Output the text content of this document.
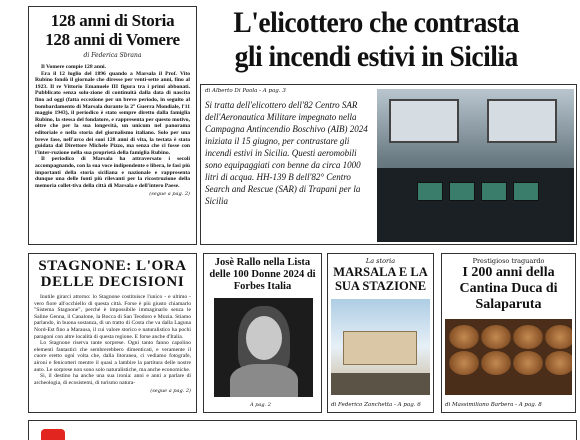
128 anni di Storia
128 anni di Vomere
di Federica Sbrana

Il Vomere compie 128 anni.

Era il 12 luglio del 1896 quando a Marsala il Prof. Vito Rubino fondò il giornale che diresse per venti-sette anni, fino al 1923. Il re Vittorio Emanuele III figura tra i primi abbonati. Pubblicato senza solu-zione di continuità dalla data di nascita fino ad oggi (fatta eccezione per un breve periodo, in seguito al bombardamento di Marsala durante la 2° Guerra Mondiale, l'11 maggio 1943), il periodico è stato sempre diretto dalla famiglia Rubino, la stessa del fondatore, e rappresenta per questo motivo, oltre che per la sua longevità, un unicum nel panorama editoriale e nella storia del giornalismo italiano. Solo per una breve fase, nell'arco dei suoi 128 anni di vita, la testata è stata guidata dal Direttore Michele Pizzo, ma senza che ci fosse con l'inter-ruzione nella sua proprietà della famiglia Rubino.

Il periodico di Marsala ha attraversato i secoli accompagnando, con la sua voce indipendente e libera, le fasi più importanti della storia siciliana e nazionale e rappresenta dunque una delle fonti più rilevanti per la ricostruzione della memoria collet-tiva della città di Marsala e dell'intero Paese.

(segue a pag. 2)
L'elicottero che contrasta
gli incendi estivi in Sicilia
di Alberto Di Paola - A pag. 3
Si tratta dell'elicottero dell'82 Centro SAR dell'Aeronautica Militare impegnato nella Campagna Antincendio Boschivo (AIB) 2024 iniziata il 15 giugno, per contrastare gli incendi estivi in Sicilia. Questi aeromobili sono equipaggiati con benne da circa 1000 litri di acqua. HH-139 B dell'82° Centro Search and Rescue (SAR) di Trapani per la Sicilia
STAGNONE: L'ORA
DELLE DECISIONI

Inutile girarci attorno: lo Stagnone costituisce l'unico - e ultimo - vero fiore all'occhiello di questa città. Forse è più giusto chiamarlo "Sistema Stagnone", perché è impossibile immaginarlo senza le Saline Genna, il Canalone, la Bocca di San Teodoro e Mozia. Stiamo parlando, in buona sostanza, di un tratto di Costa che va dalla Laguna Nord-Est fino a Marausa, il cui valore storico e naturalistico ha pochi paragoni con altre località di questa regione. E forse anche d'Italia.

Lo Stagnone riserva tante sorprese. Ogni tanto fanno capolino elementi fantastici che sembrerebbero dimenticati, e veramente il cuore eretto ogni volta che, dalla litoranea, ci vediamo fotografe, aironi e fenicotteri mentre il quasi a lambire la partitura delle nostre auto. Le sorprese non sono solo naturalistiche, ma anche economiche.

Sì, il destino ha anche una sua ironia: anni e anni a parlare di archeologia, di ecosistemi, di turismo natura-

(segue a pag. 2)
Josè Rallo nella Lista delle 100 Donne 2024 di Forbes Italia
A pag. 2
La storia
MARSALA E LA SUA STAZIONE
di Federico Zanchetta - A pag. 6
Prestigioso traguardo
I 200 anni della Cantina Duca di Salaparuta
di Massimiliano Barbera - A pag. 8
